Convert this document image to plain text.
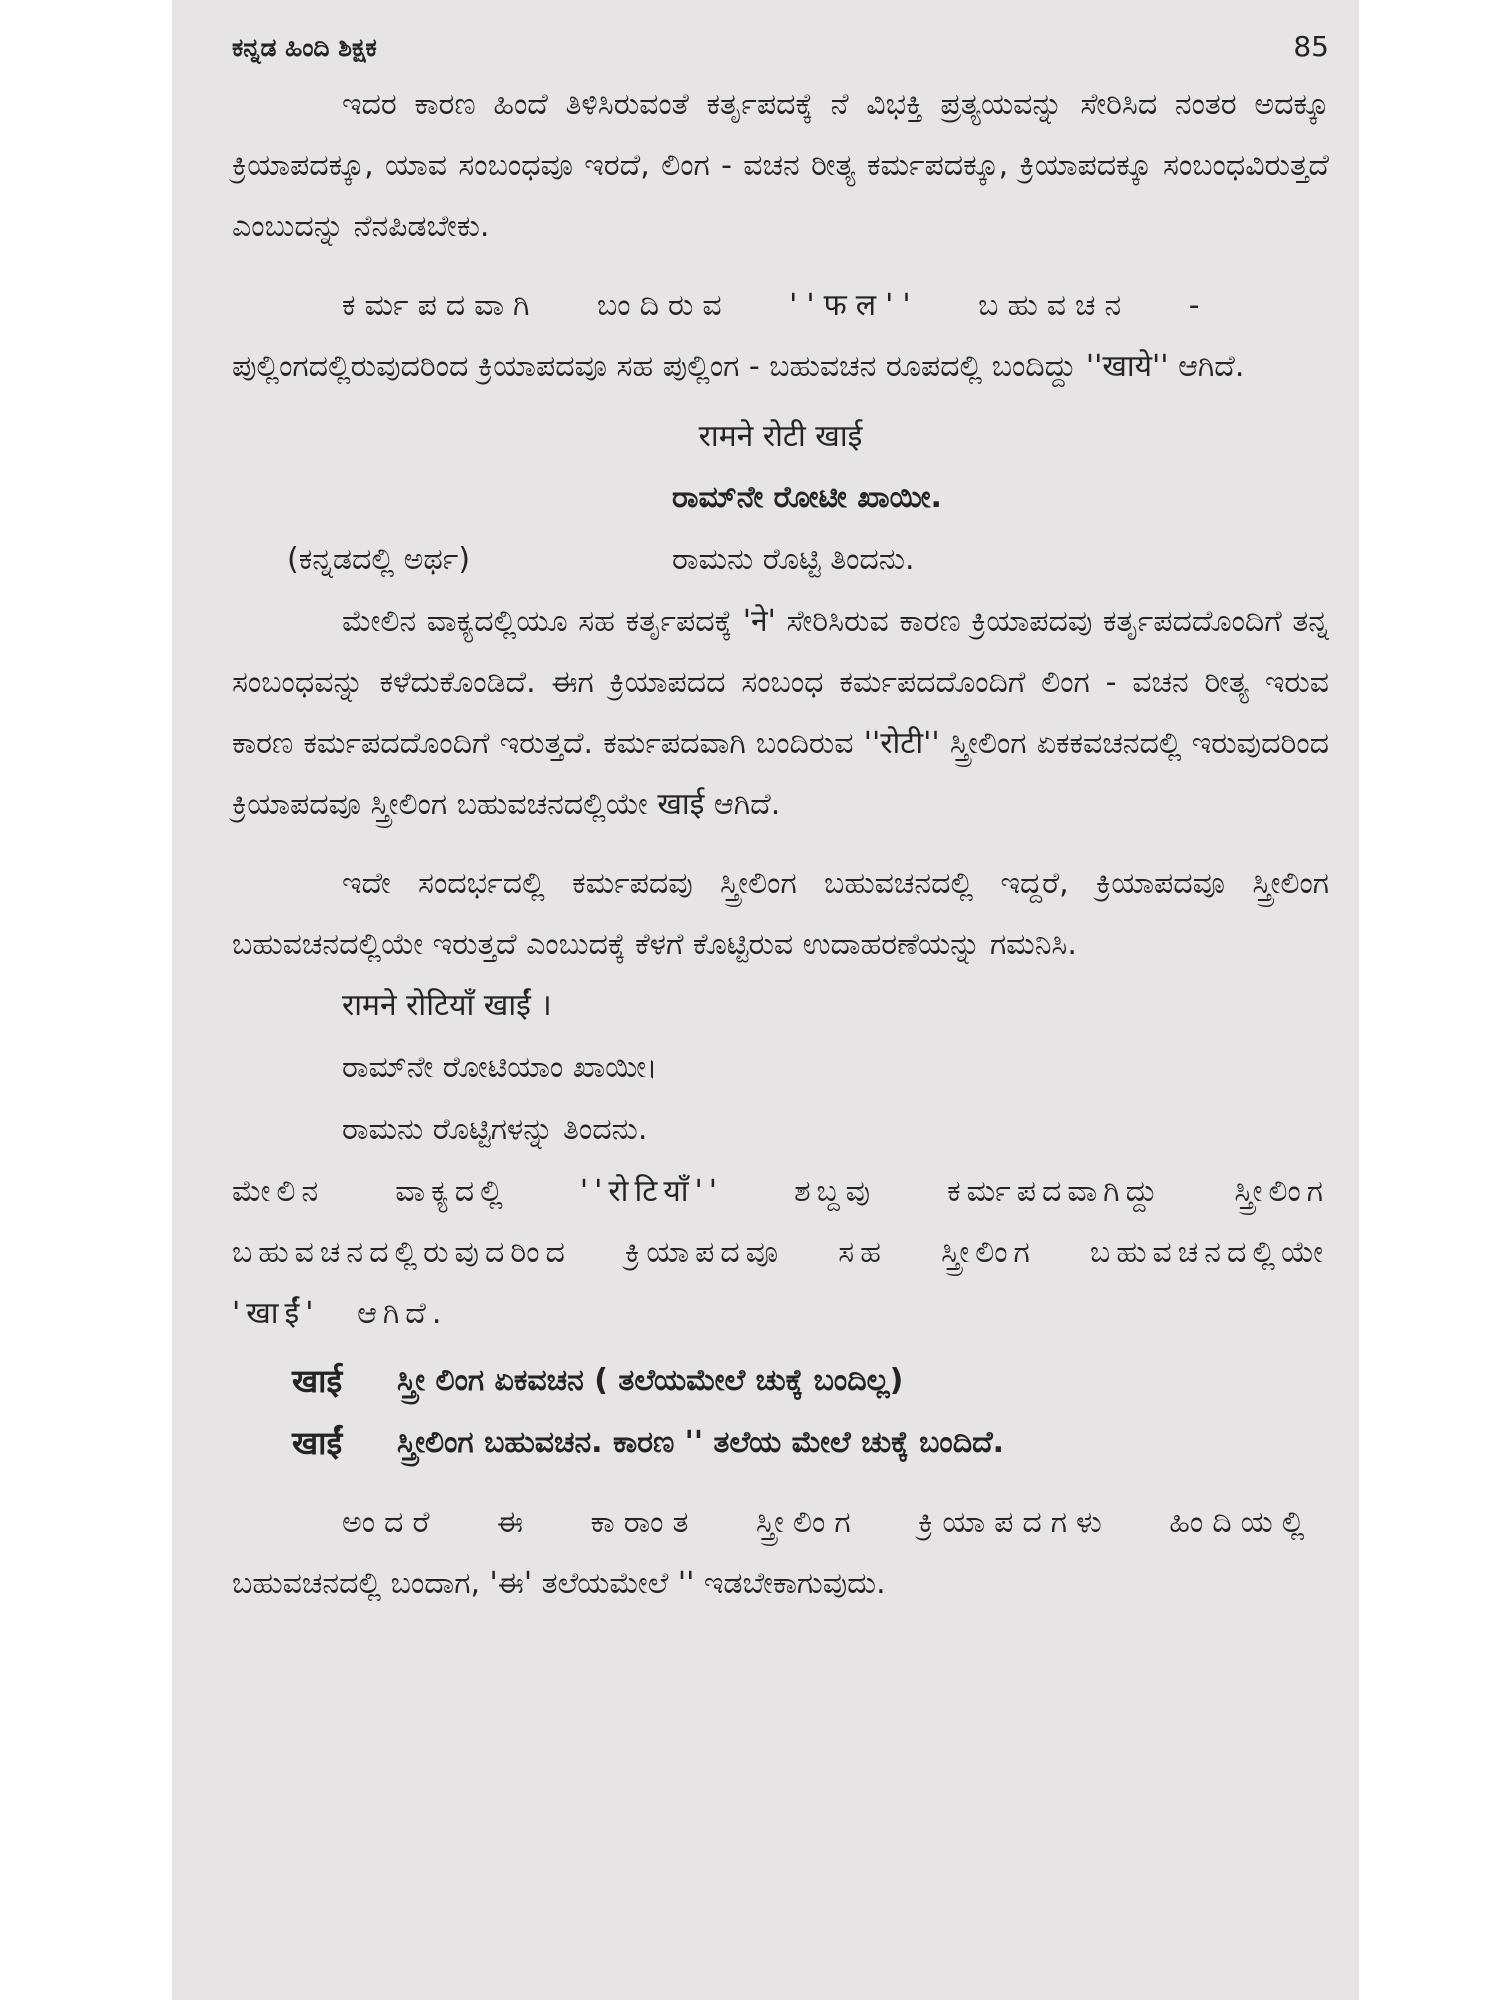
ಕನ್ನಡ ಹಿಂದಿ ಶಿಕ್ಷಕ	85

ಇದರ ಕಾರಣ ಹಿಂದೆ ತಿಳಿಸಿರುವಂತೆ ಕರ್ತೃಪದಕ್ಕೆ ನೆ ವಿಭಕ್ತಿ ಪ್ರತ್ಯಯವನ್ನು ಸೇರಿಸಿದ ನಂತರ ಅದಕ್ಕೂ ಕ್ರಿಯಾಪದಕ್ಕೂ, ಯಾವ ಸಂಬಂಧವೂ ಇರದೆ, ಲಿಂಗ - ವಚನ ರೀತ್ಯ ಕರ್ಮಪದಕ್ಕೂ, ಕ್ರಿಯಾಪದಕ್ಕೂ ಸಂಬಂಧವಿರುತ್ತದೆ ಎಂಬುದನ್ನು ನೆನಪಿಡಬೇಕು.

ಕರ್ಮಪದವಾಗಿ ಬಂದಿರುವ ''फल'' ಬಹುವಚನ -

ಪುಲ್ಲಿಂಗದಲ್ಲಿರುವುದರಿಂದ ಕ್ರಿಯಾಪದವೂ ಸಹ ಪುಲ್ಲಿಂಗ - ಬಹುವಚನ ರೂಪದಲ್ಲಿ ಬಂದಿದ್ದು ''खाये'' ಆಗಿದೆ.

रामने रोटी खाई

ರಾಮ್‌ನೇ ರೋಟೀ ಖಾಯೀ.

(ಕನ್ನಡದಲ್ಲಿ ಅರ್ಥ)	ರಾಮನು ರೊಟ್ಟಿ ತಿಂದನು.

ಮೇಲಿನ ವಾಕ್ಯದಲ್ಲಿಯೂ ಸಹ ಕರ್ತೃಪದಕ್ಕೆ 'ने' ಸೇರಿಸಿರುವ ಕಾರಣ ಕ್ರಿಯಾಪದವು ಕರ್ತೃಪದದೊಂದಿಗೆ ತನ್ನ ಸಂಬಂಧವನ್ನು ಕಳೆದುಕೊಂಡಿದೆ. ಈಗ ಕ್ರಿಯಾಪದದ ಸಂಬಂಧ ಕರ್ಮಪದದೊಂದಿಗೆ ಲಿಂಗ - ವಚನ ರೀತ್ಯ ಇರುವ ಕಾರಣ ಕರ್ಮಪದದೊಂದಿಗೆ ಇರುತ್ತದೆ. ಕರ್ಮಪದವಾಗಿ ಬಂದಿರುವ ''रोटी'' ಸ್ತ್ರೀಲಿಂಗ ಏಕಕವಚನದಲ್ಲಿ ಇರುವುದರಿಂದ ಕ್ರಿಯಾಪದವೂ ಸ್ತ್ರೀಲಿಂಗ ಬಹುವಚನದಲ್ಲಿಯೇ खाई ಆಗಿದೆ.

ಇದೇ ಸಂದರ್ಭದಲ್ಲಿ ಕರ್ಮಪದವು ಸ್ತ್ರೀಲಿಂಗ ಬಹುವಚನದಲ್ಲಿ ಇದ್ದರೆ, ಕ್ರಿಯಾಪದವೂ ಸ್ತ್ರೀಲಿಂಗ ಬಹುವಚನದಲ್ಲಿಯೇ ಇರುತ್ತದೆ ಎಂಬುದಕ್ಕೆ ಕೆಳಗೆ ಕೊಟ್ಟಿರುವ ಉದಾಹರಣೆಯನ್ನು ಗಮನಿಸಿ.

रामने रोटियाँ खाईं ।

ರಾಮ್‌ನೇ ರೋಟಿಯಾಂ ಖಾಯೀ।

ರಾಮನು ರೊಟ್ಟಿಗಳನ್ನು ತಿಂದನು.

ಮೇಲಿನ ವಾಕ್ಯದಲ್ಲಿ ''रोटियाँ'' ಶಬ್ದವು ಕರ್ಮಪದವಾಗಿದ್ದು ಸ್ತ್ರೀಲಿಂಗ ಬಹುವಚನದಲ್ಲಿರುವುದರಿಂದ ಕ್ರಿಯಾಪದವೂ ಸಹ ಸ್ತ್ರೀಲಿಂಗ ಬಹುವಚನದಲ್ಲಿಯೇ 'खाईं' ಆಗಿದೆ.

खाई	ಸ್ತ್ರೀ ಲಿಂಗ ಏಕವಚನ ( ತಲೆಯಮೇಲೆ ಚುಕ್ಕೆ ಬಂದಿಲ್ಲ)
खाईं	ಸ್ತ್ರೀಲಿಂಗ ಬಹುವಚನ. ಕಾರಣ '' ತಲೆಯ ಮೇಲೆ ಚುಕ್ಕೆ ಬಂದಿದೆ.

ಅಂದರೆ ಈ ಕಾರಾಂತ ಸ್ತ್ರೀಲಿಂಗ ಕ್ರಿಯಾಪದಗಳು ಹಿಂದಿಯಲ್ಲಿ

ಬಹುವಚನದಲ್ಲಿ ಬಂದಾಗ, 'ಈ' ತಲೆಯಮೇಲೆ '' ಇಡಬೇಕಾಗುವುದು.
